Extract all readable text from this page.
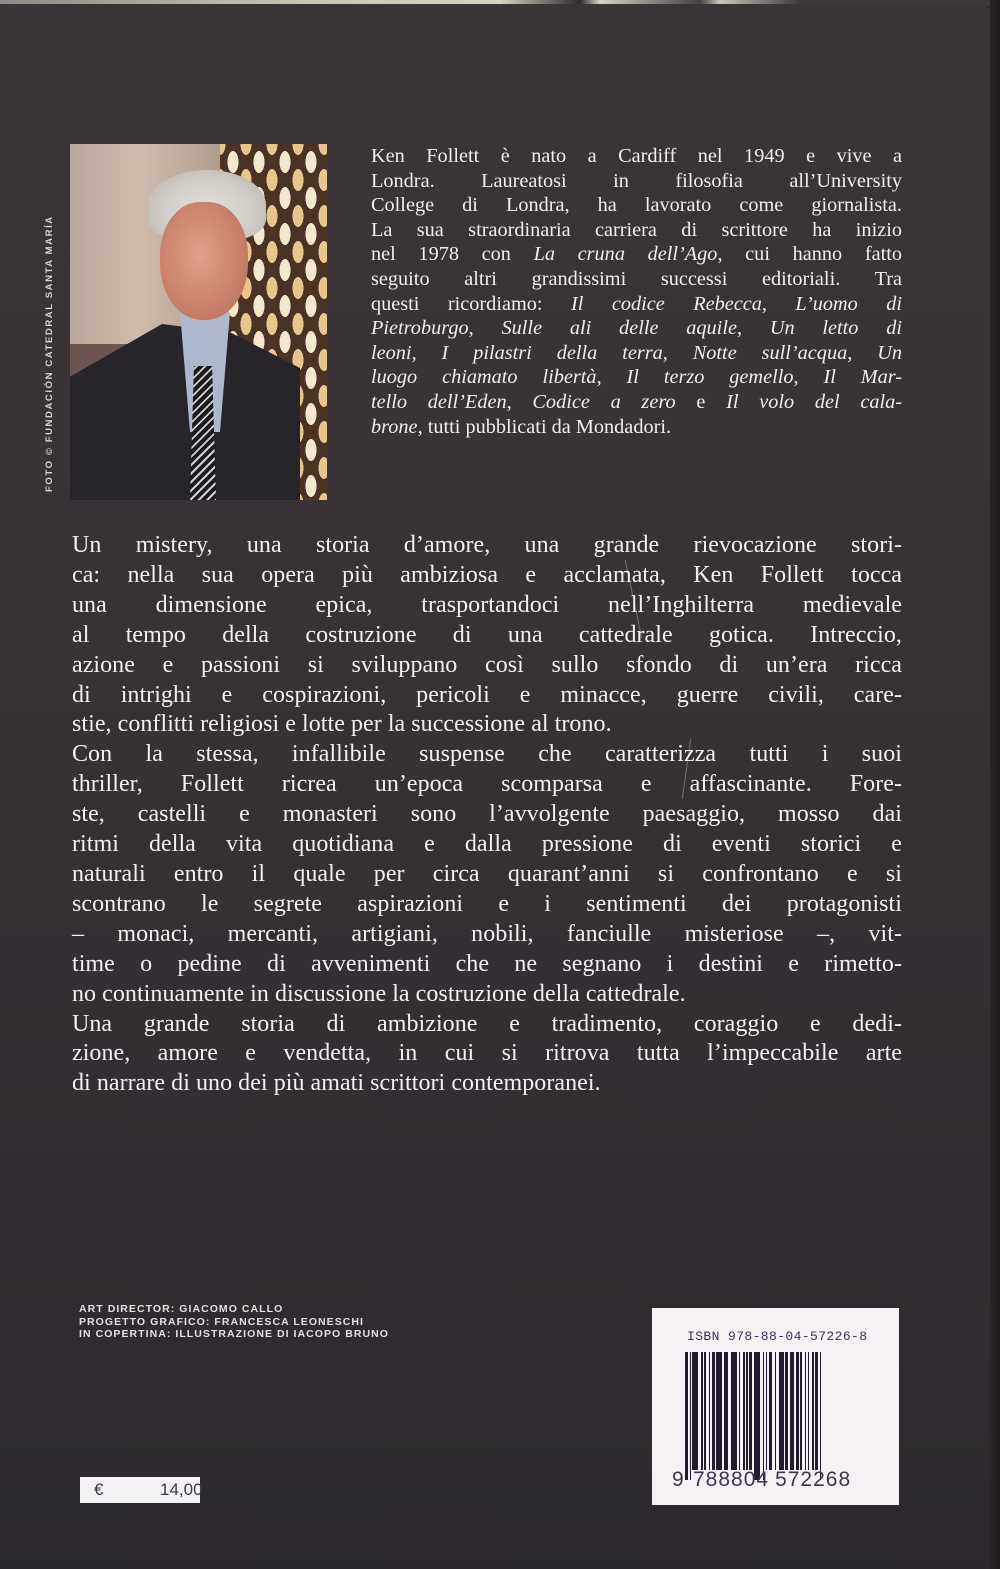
FOTO © FUNDACIÓN CATEDRAL SANTA MARÍA
Ken Follett è nato a Cardiff nel 1949 e vive a
Londra. Laureatosi in filosofia all’University
College di Londra, ha lavorato come giornalista.
La sua straordinaria carriera di scrittore ha inizio
nel 1978 con La cruna dell’Ago, cui hanno fatto
seguito altri grandissimi successi editoriali. Tra
questi ricordiamo: Il codice Rebecca, L’uomo di
Pietroburgo, Sulle ali delle aquile, Un letto di
leoni, I pilastri della terra, Notte sull’acqua, Un
luogo chiamato libertà, Il terzo gemello, Il Mar-
tello dell’Eden, Codice a zero e Il volo del cala-
brone, tutti pubblicati da Mondadori.
Un mistery, una storia d’amore, una grande rievocazione stori-
ca: nella sua opera più ambiziosa e acclamata, Ken Follett tocca
una dimensione epica, trasportandoci nell’Inghilterra medievale
al tempo della costruzione di una cattedrale gotica. Intreccio,
azione e passioni si sviluppano così sullo sfondo di un’era ricca
di intrighi e cospirazioni, pericoli e minacce, guerre civili, care-
stie, conflitti religiosi e lotte per la successione al trono.
Con la stessa, infallibile suspense che caratterizza tutti i suoi
thriller, Follett ricrea un’epoca scomparsa e affascinante. Fore-
ste, castelli e monasteri sono l’avvolgente paesaggio, mosso dai
ritmi della vita quotidiana e dalla pressione di eventi storici e
naturali entro il quale per circa quarant’anni si confrontano e si
scontrano le segrete aspirazioni e i sentimenti dei protagonisti
– monaci, mercanti, artigiani, nobili, fanciulle misteriose –, vit-
time o pedine di avvenimenti che ne segnano i destini e rimetto-
no continuamente in discussione la costruzione della cattedrale.
Una grande storia di ambizione e tradimento, coraggio e dedi-
zione, amore e vendetta, in cui si ritrova tutta l’impeccabile arte
di narrare di uno dei più amati scrittori contemporanei.
ART DIRECTOR: GIACOMO CALLO
PROGETTO GRAFICO: FRANCESCA LEONESCHI
IN COPERTINA: ILLUSTRAZIONE DI IACOPO BRUNO	ISBN 978-88-04-57226-8
9 788804 572268
€	14,00
